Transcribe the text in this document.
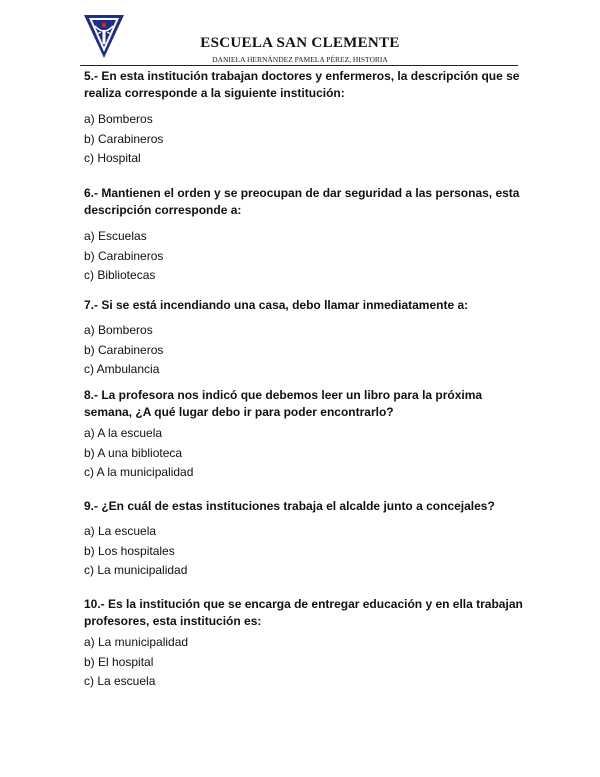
ESCUELA SAN CLEMENTE
DANIELA HERNÁNDEZ PAMELA PÉREZ, HISTORIA

5.- En esta institución trabajan doctores y enfermeros, la descripción que se realiza corresponde a la siguiente institución:

a) Bomberos
b) Carabineros
c) Hospital

6.- Mantienen el orden y se preocupan de dar seguridad a las personas, esta descripción corresponde a:

a) Escuelas
b) Carabineros
c) Bibliotecas

7.- Si se está incendiando una casa, debo llamar inmediatamente a:

a) Bomberos
b) Carabineros
c) Ambulancia

8.- La profesora nos indicó que debemos leer un libro para la próxima semana, ¿A qué lugar debo ir para poder encontrarlo?

a) A la escuela
b) A una biblioteca
c) A la municipalidad

9.- ¿En cuál de estas instituciones trabaja el alcalde junto a concejales?

a) La escuela
b) Los hospitales
c) La municipalidad

10.- Es la institución que se encarga de entregar educación y en ella trabajan profesores, esta institución es:

a) La municipalidad
b) El hospital
c) La escuela
